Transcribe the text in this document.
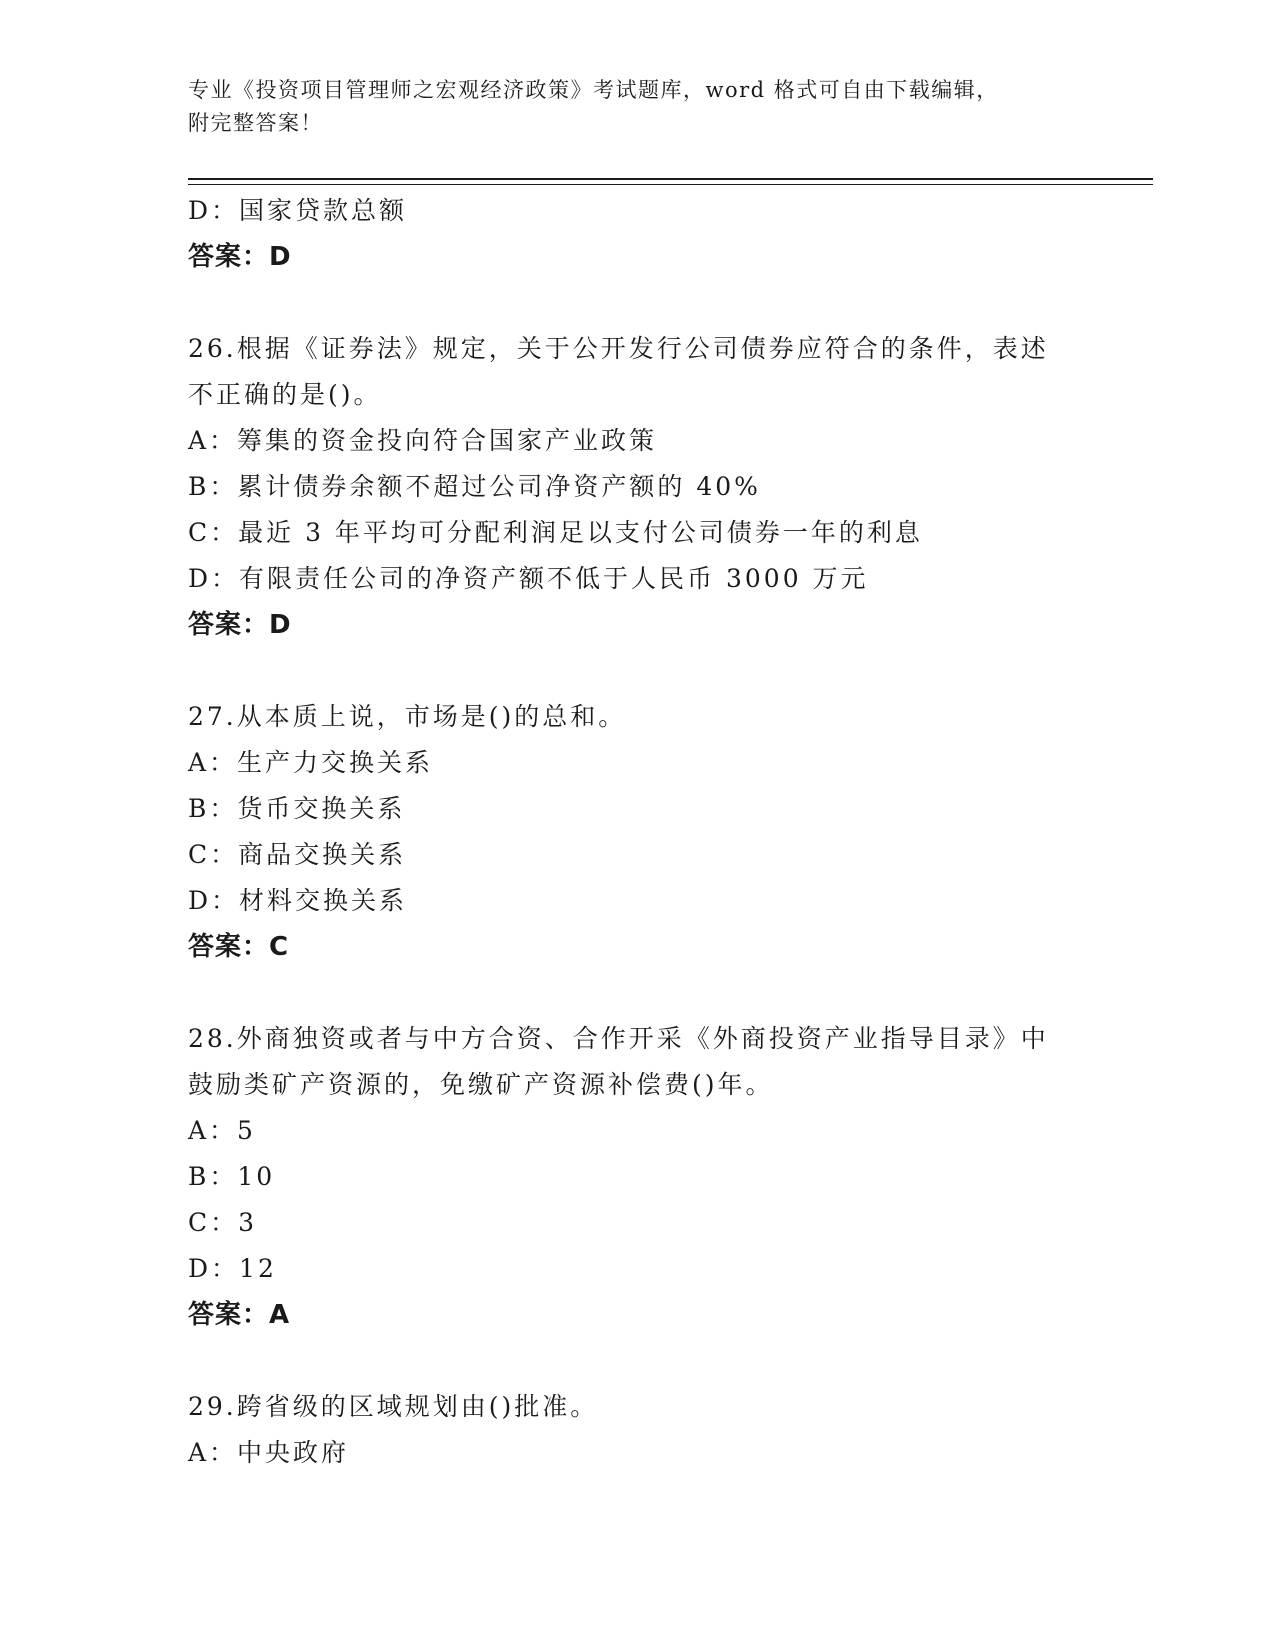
专业《投资项目管理师之宏观经济政策》考试题库，word 格式可自由下载编辑，
附完整答案！
D：国家贷款总额
答案：D
26.根据《证券法》规定，关于公开发行公司债券应符合的条件，表述
不正确的是()。
A：筹集的资金投向符合国家产业政策
B：累计债券余额不超过公司净资产额的 40%
C：最近 3 年平均可分配利润足以支付公司债券一年的利息
D：有限责任公司的净资产额不低于人民币 3000 万元
答案：D
27.从本质上说，市场是()的总和。
A：生产力交换关系
B：货币交换关系
C：商品交换关系
D：材料交换关系
答案：C
28.外商独资或者与中方合资、合作开采《外商投资产业指导目录》中
鼓励类矿产资源的，免缴矿产资源补偿费()年。
A：5
B：10
C：3
D：12
答案：A
29.跨省级的区域规划由()批准。
A：中央政府
